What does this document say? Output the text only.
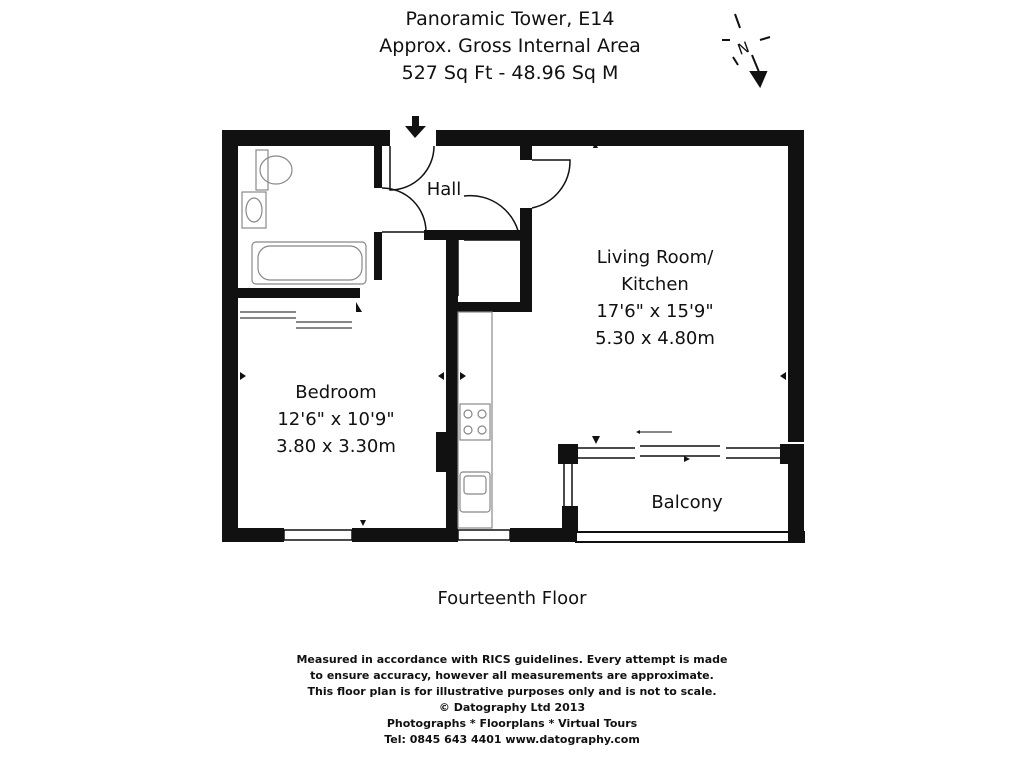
Panoramic Tower, E14
Approx. Gross Internal Area
527 Sq Ft - 48.96 Sq M
N
Hall
Living Room/
Kitchen
17'6" x 15'9"
5.30 x 4.80m
Bedroom
12'6" x 10'9"
3.80 x 3.30m
Balcony
Fourteenth Floor
Measured in accordance with RICS guidelines. Every attempt is made
to ensure accuracy, however all measurements are approximate.
This floor plan is for illustrative purposes only and is not to scale.
© Datography Ltd 2013
Photographs * Floorplans * Virtual Tours
Tel: 0845 643 4401 www.datography.com
